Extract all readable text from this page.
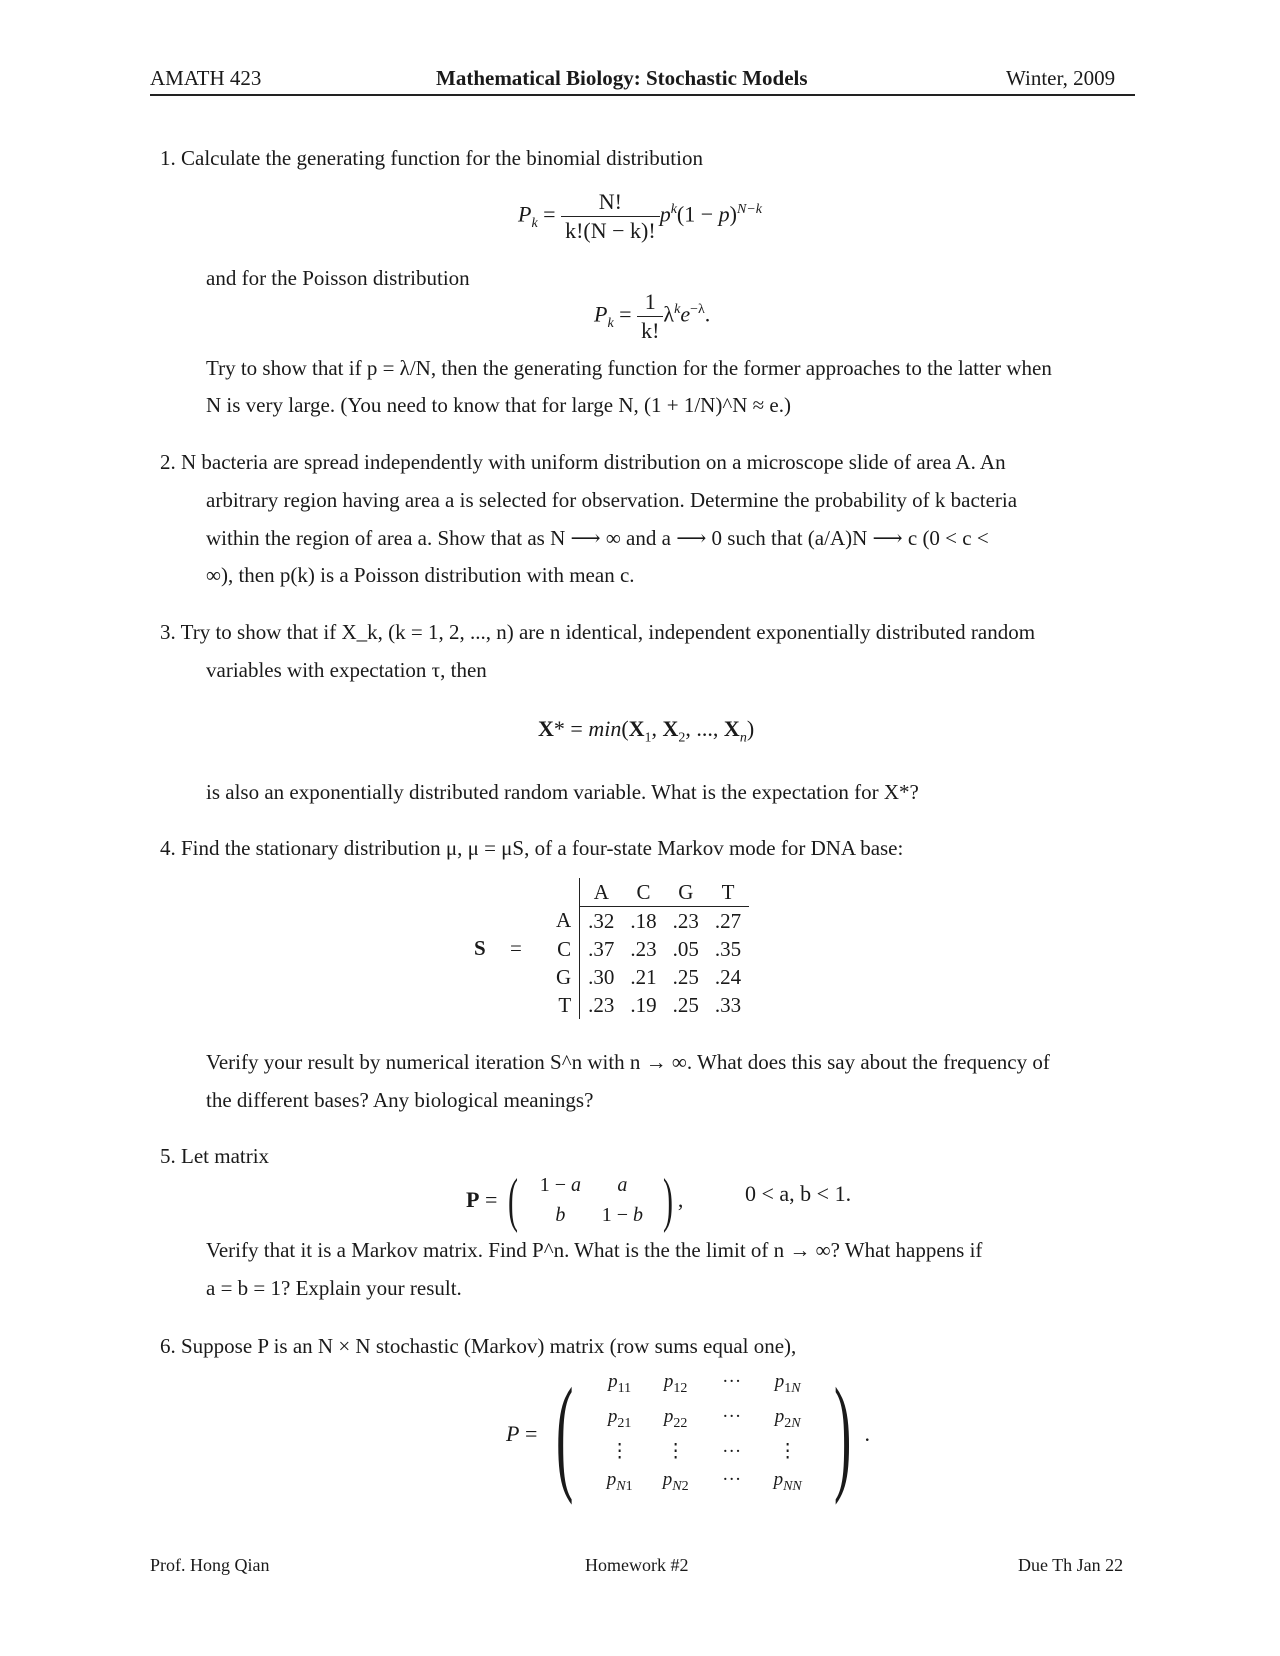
AMATH 423	Mathematical Biology: Stochastic Models	Winter, 2009
1. Calculate the generating function for the binomial distribution
$P_k = \frac{N!}{k!(N - k)!} p^k(1 - p)^{N-k}$
and for the Poisson distribution
$P_k = \frac{1}{k!} \lambda^ke^{-\lambda}$.
Try to show that if p = λ/N, then the generating function for the former approaches to the latter when
N is very large. (You need to know that for large N, (1 + 1/N)^N ≈ e.)
2. N bacteria are spread independently with uniform distribution on a microscope slide of area A. An
arbitrary region having area a is selected for observation. Determine the probability of k bacteria
within the region of area a. Show that as N ⟶ ∞ and a ⟶ 0 such that (a/A)N ⟶ c (0 < c <
∞), then p(k) is a Poisson distribution with mean c.
3. Try to show that if X_k, (k = 1, 2, ..., n) are n identical, independent exponentially distributed random
variables with expectation τ, then
$X* = \min(X_1$, $X_2$, ..., $X_n$)
is also an exponentially distributed random variable. What is the expectation for X*?
4. Find the stationary distribution μ, μ = μS, of a four-state Markov mode for DNA base:
S =
	A	C	G	T
A	.32	.18	.23	.27
C	.37	.23	.05	.35
G	.30	.21	.25	.24
T	.23	.19	.25	.33
Verify your result by numerical iteration S^n with n → ∞. What does this say about the frequency of
the different bases? Any biological meanings?
5. Let matrix
P = ( 1 − a a
b 1 − b ) ,	0 < a, b < 1.
Verify that it is a Markov matrix. Find P^n. What is the the limit of n → ∞? What happens if
a = b = 1? Explain your result.
6. Suppose P is an N × N stochastic (Markov) matrix (row sums equal one),
P = ( $p_{11}$ $p_{12}$ ··· $p_{1N}$
$p_{21}$ $p_{22}$ ··· $p_{2N}$
⋮ ⋮ ··· ⋮
$p_{N1}$ $p_{N2}$ ··· $p_{NN}$ ) .
Prof. Hong Qian	Homework #2	Due Th Jan 22
